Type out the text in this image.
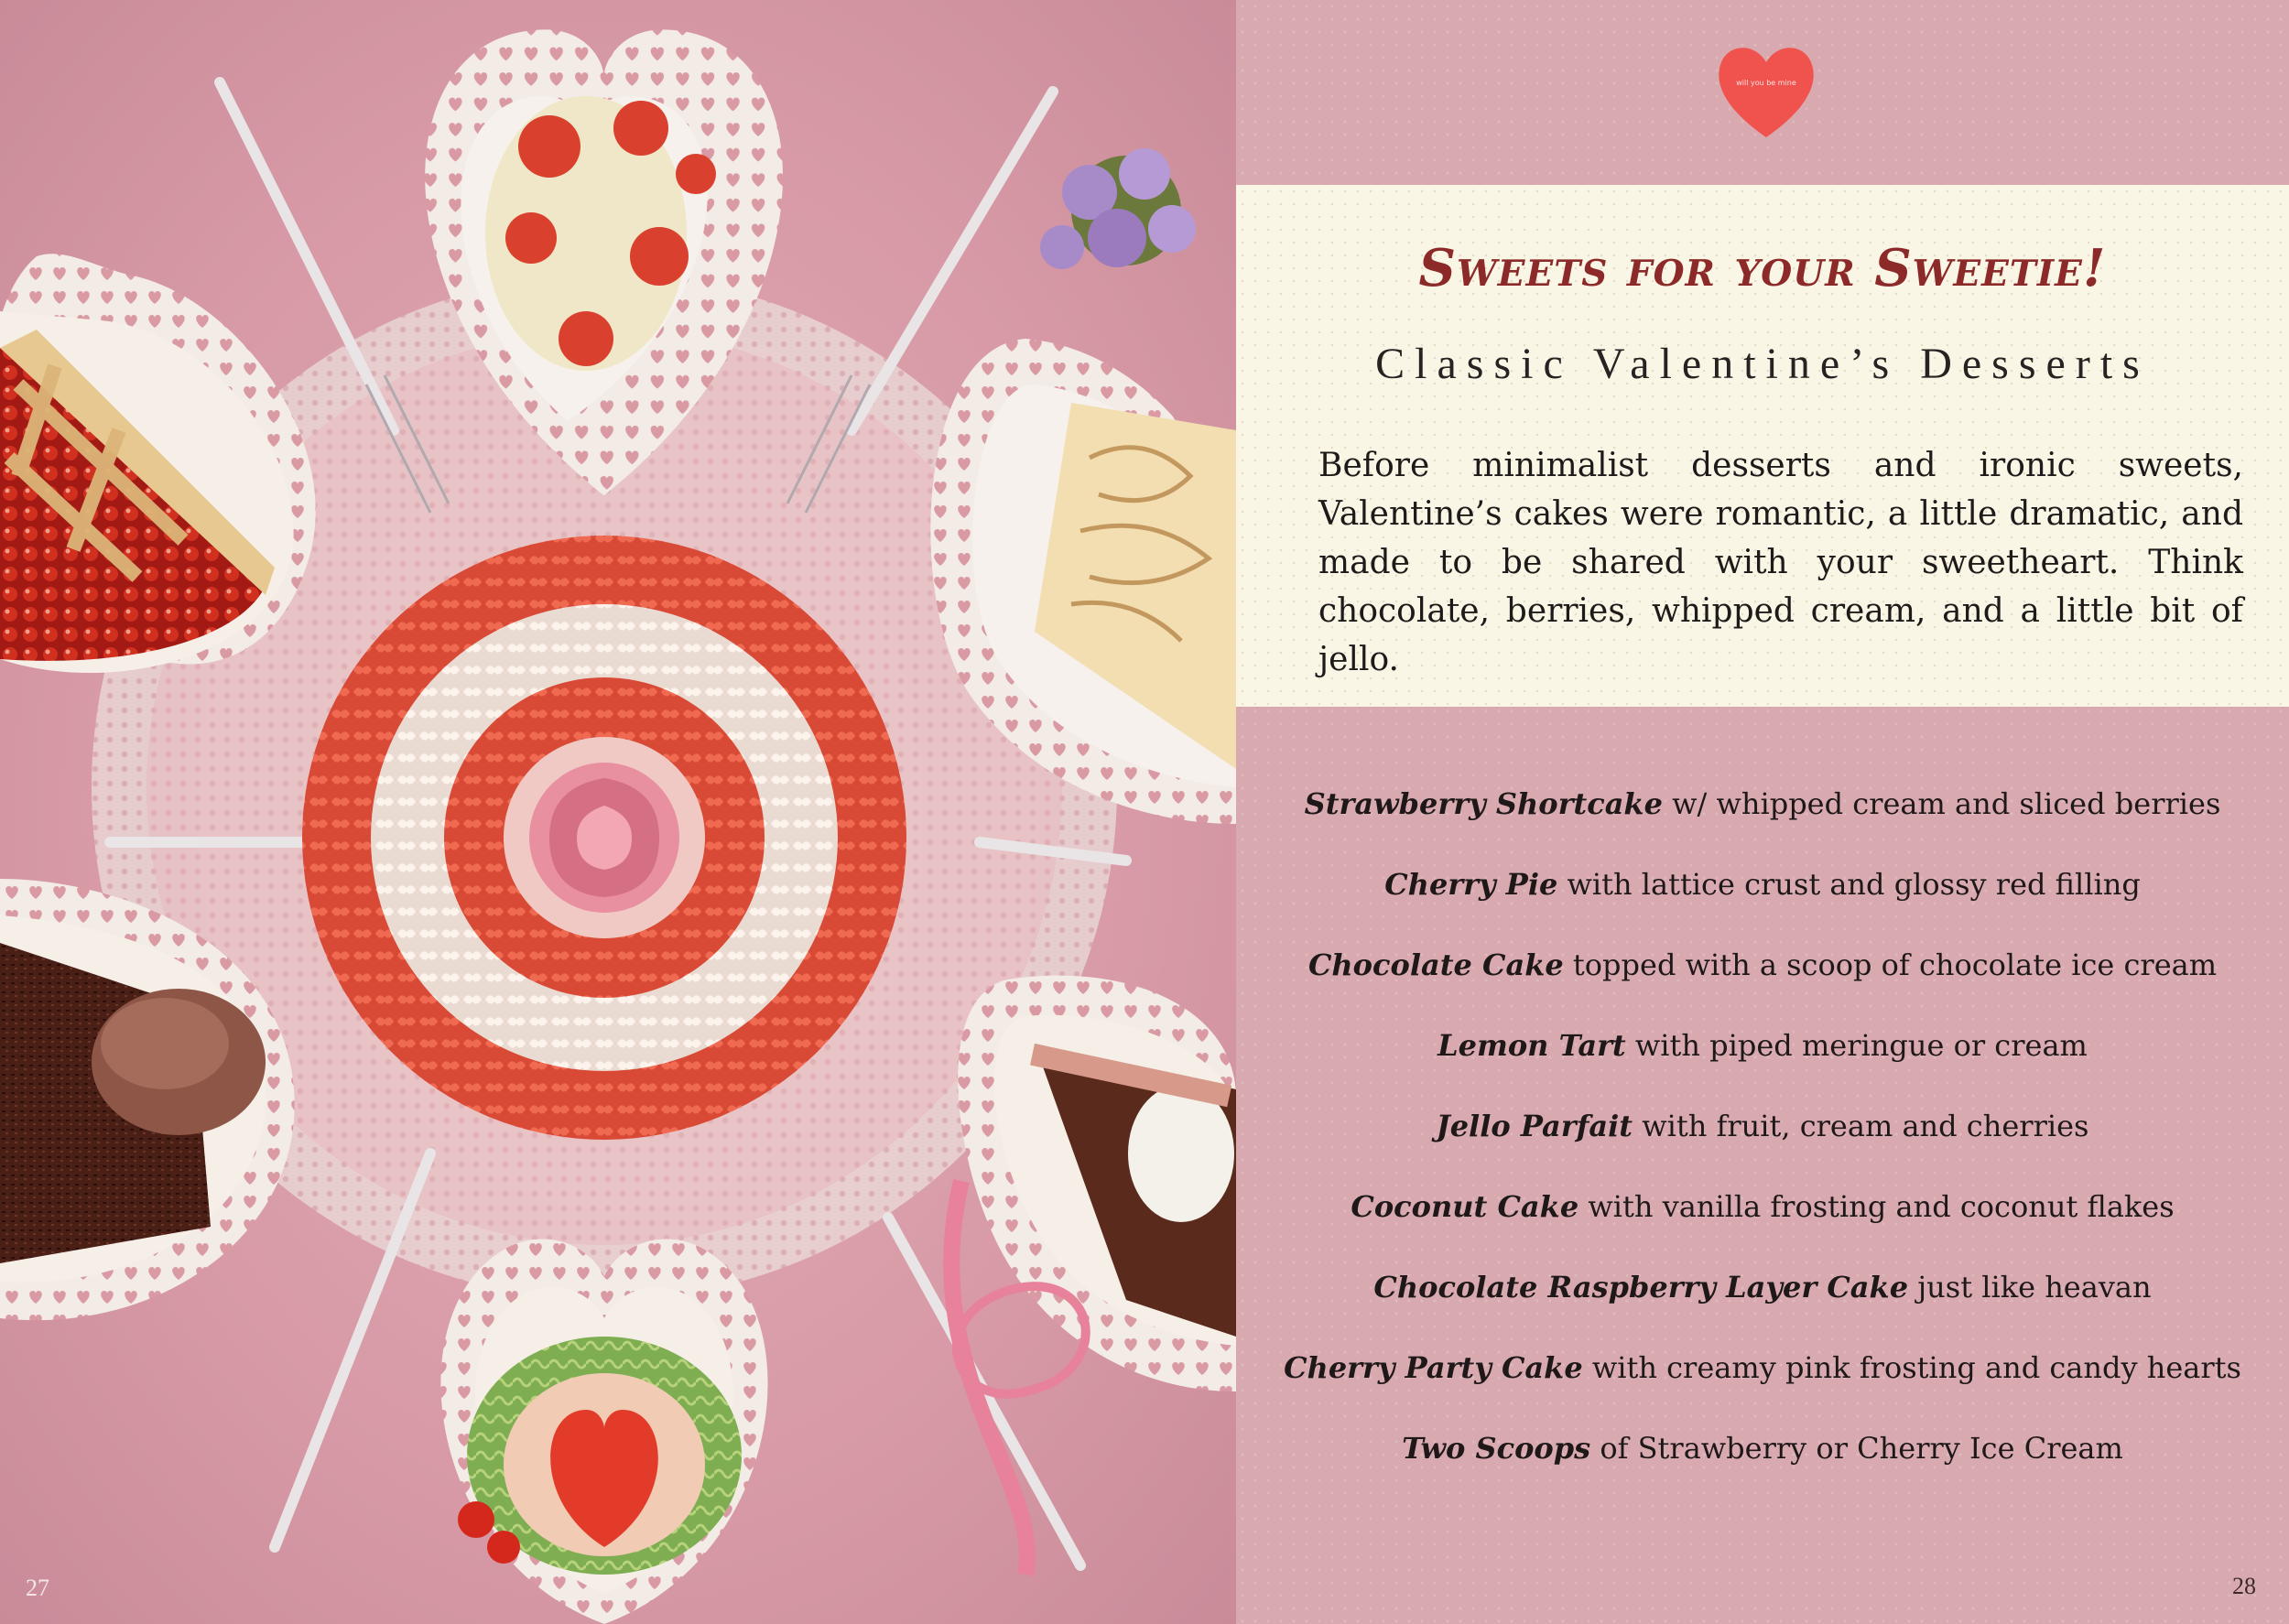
27
will you be mine
Sweets for your Sweetie!
Classic Valentine’s Desserts

Before minimalist desserts and ironic sweets, Valentine’s cakes were romantic, a little dramatic, and made to be shared with your sweetheart. Think chocolate, berries, whipped cream, and a little bit of jello.

Strawberry Shortcake w/ whipped cream and sliced berries
Cherry Pie with lattice crust and glossy red filling
Chocolate Cake topped with a scoop of chocolate ice cream
Lemon Tart with piped meringue or cream
Jello Parfait with fruit, cream and cherries
Coconut Cake with vanilla frosting and coconut flakes
Chocolate Raspberry Layer Cake just like heavan
Cherry Party Cake with creamy pink frosting and candy hearts
Two Scoops of Strawberry or Cherry Ice Cream
28
